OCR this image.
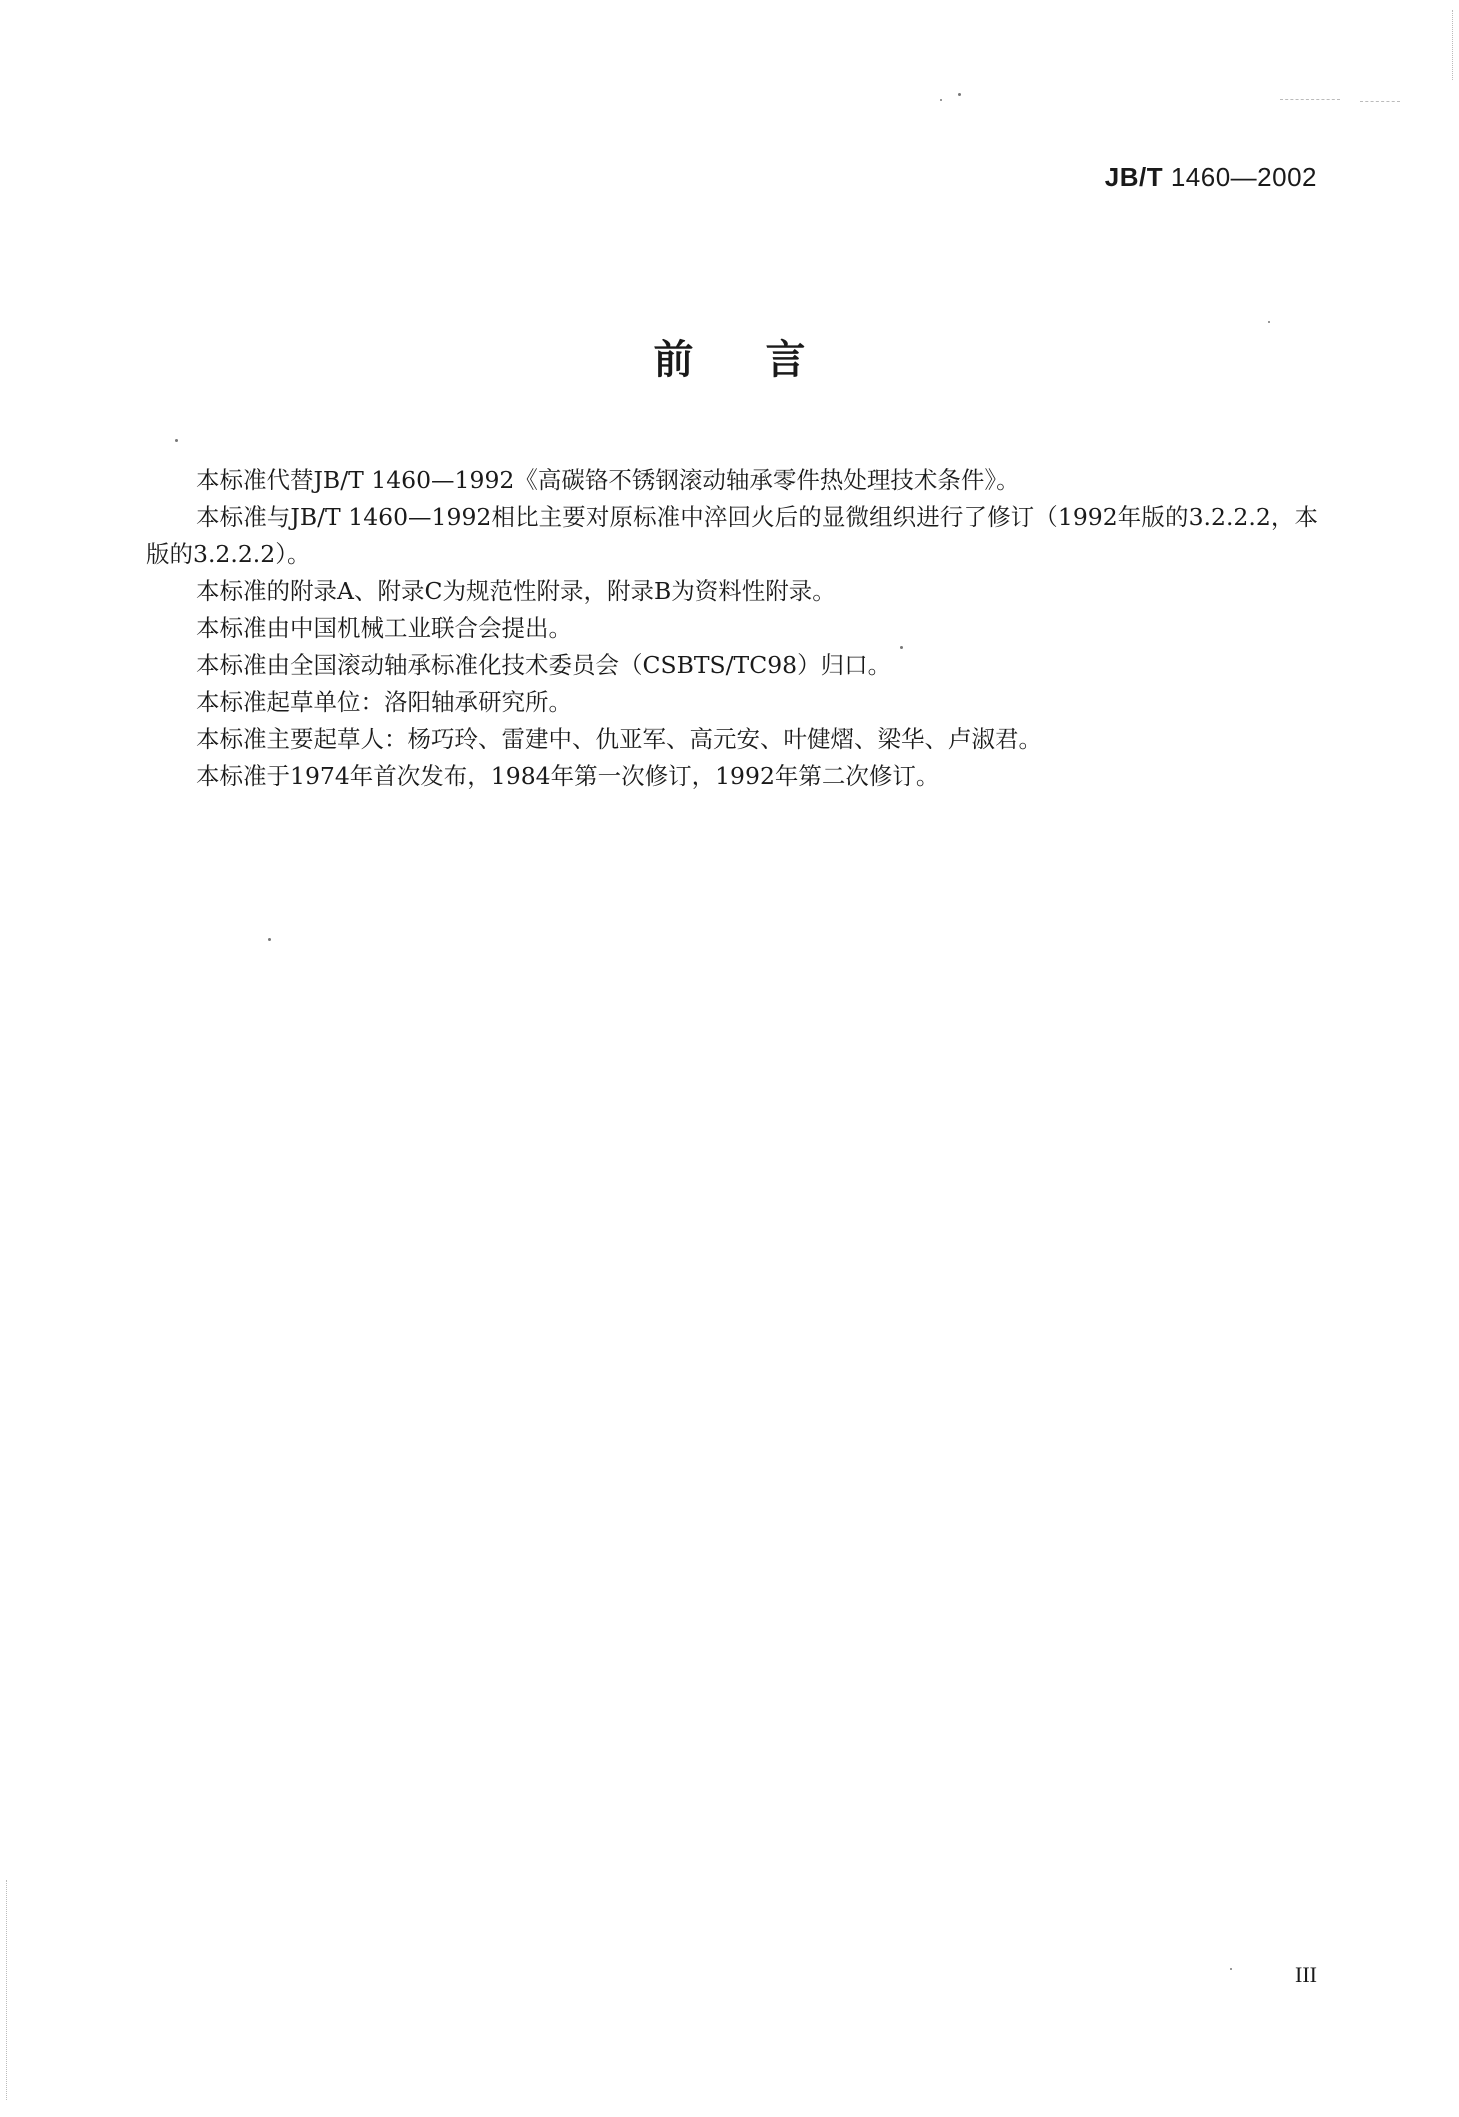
JB/T 1460—2002
前言

本标准代替JB/T 1460—1992《高碳铬不锈钢滚动轴承零件热处理技术条件》。

本标准与JB/T 1460—1992相比主要对原标准中淬回火后的显微组织进行了修订（1992年版的3.2.2.2，本版的3.2.2.2）。

本标准的附录A、附录C为规范性附录，附录B为资料性附录。

本标准由中国机械工业联合会提出。

本标准由全国滚动轴承标准化技术委员会（CSBTS/TC98）归口。

本标准起草单位：洛阳轴承研究所。

本标准主要起草人：杨巧玲、雷建中、仇亚军、高元安、叶健熠、梁华、卢淑君。

本标准于1974年首次发布，1984年第一次修订，1992年第二次修订。

III
